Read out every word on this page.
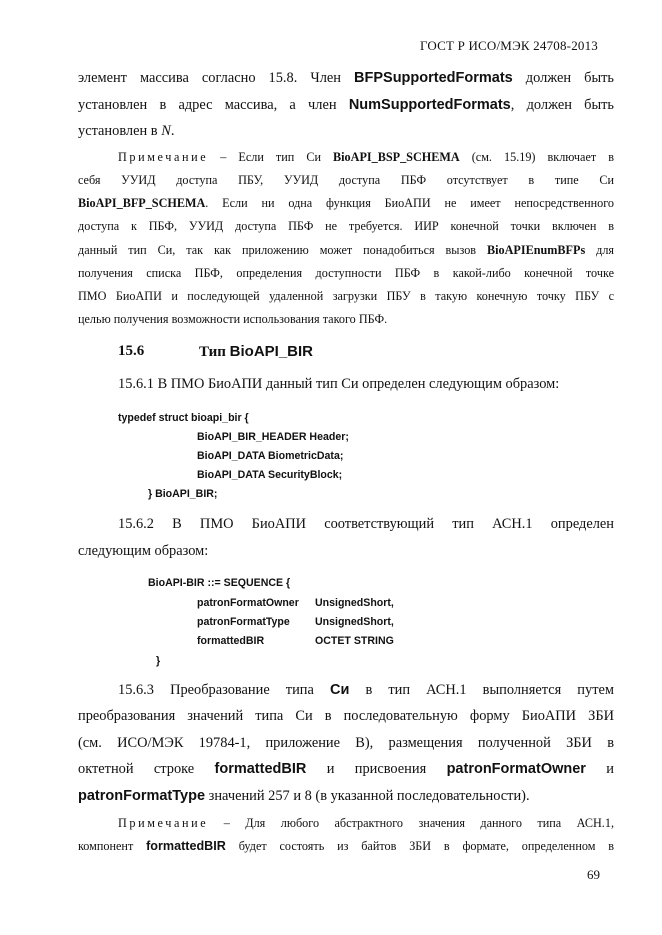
ГОСТ Р ИСО/МЭК 24708-2013
элемент массива согласно 15.8. Член BFPSupportedFormats должен быть
установлен в адрес массива, а член NumSupportedFormats, должен быть
установлен в N.
Примечание – Если тип Си BioAPI_BSP_SCHEMA (см. 15.19) включает в
себя УУИД доступа ПБУ, УУИД доступа ПБФ отсутствует в типе Си
BioAPI_BFP_SCHEMA. Если ни одна функция БиоАПИ не имеет непосредственного
доступа к ПБФ, УУИД доступа ПБФ не требуется. ИИР конечной точки включен в
данный тип Си, так как приложению может понадобиться вызов BioAPIEnumBFPs для
получения списка ПБФ, определения доступности ПБФ в какой-либо конечной точке
ПМО БиоАПИ и последующей удаленной загрузки ПБУ в такую конечную точку ПБУ с
целью получения возможности использования такого ПБФ.
15.6	Тип BioAPI_BIR
15.6.1 В ПМО БиоАПИ данный тип Си определен следующим образом:
typedef struct bioapi_bir {
BioAPI_BIR_HEADER Header;
BioAPI_DATA BiometricData;
BioAPI_DATA SecurityBlock;
} BioAPI_BIR;
15.6.2 В ПМО БиоАПИ соответствующий тип АСН.1 определен
следующим образом:
BioAPI-BIR ::= SEQUENCE {
patronFormatOwner UnsignedShort,
patronFormatType UnsignedShort,
formattedBIR	OCTET STRING
}
15.6.3 Преобразование типа Си в тип АСН.1 выполняется путем
преобразования значений типа Си в последовательную форму БиоАПИ ЗБИ
(см. ИСО/МЭК 19784-1, приложение В), размещения полученной ЗБИ в
октетной строке formattedBIR и присвоения patronFormatOwner и
patronFormatType значений 257 и 8 (в указанной последовательности).
Примечание – Для любого абстрактного значения данного типа АСН.1,
компонент formattedBIR будет состоять из байтов ЗБИ в формате, определенном в
69
